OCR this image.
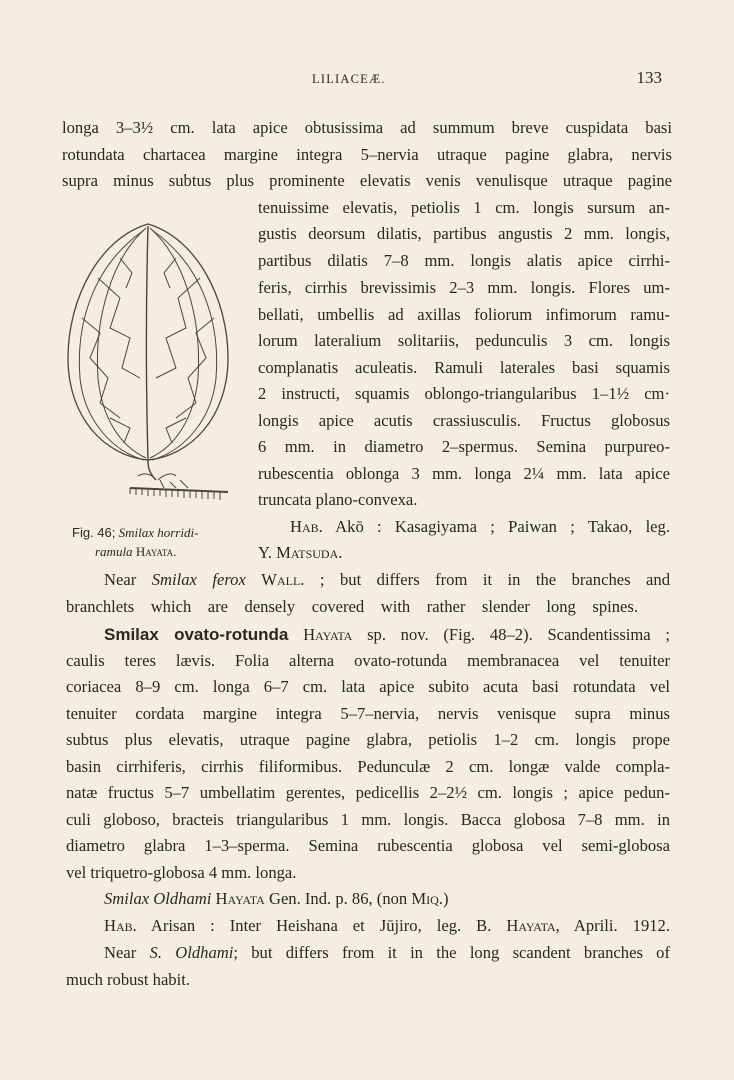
LILIACEÆ.	133
longa 3–3½ cm. lata apice obtusissima ad summum breve cuspidata basi
rotundata chartacea margine integra 5–nervia utraque pagine glabra, nervis
supra minus subtus plus prominente elevatis venis venulisque utraque pagine
tenuissime elevatis, petiolis 1 cm. longis sursum an-
gustis deorsum dilatis, partibus angustis 2 mm. longis,
partibus dilatis 7–8 mm. longis alatis apice cirrhi-
feris, cirrhis brevissimis 2–3 mm. longis. Flores um-
bellati, umbellis ad axillas foliorum infimorum ramu-
lorum lateralium solitariis, pedunculis 3 cm. longis
complanatis aculeatis. Ramuli laterales basi squamis
2 instructi, squamis oblongo-triangularibus 1–1½ cm·
longis apice acutis crassiusculis. Fructus globosus
6 mm. in diametro 2–spermus. Semina purpureo-
rubescentia oblonga 3 mm. longa 2¼ mm. lata apice
truncata plano-convexa.
Hab. Akō : Kasagiyama ; Paiwan ; Takao, leg.
Y. Matsuda.
Near Smilax ferox Wall. ; but differs from it in the branches and
branchlets which are densely covered with rather slender long spines.
Smilax ovato-rotunda Hayata sp. nov. (Fig. 48–2). Scandentissima ;
caulis teres lævis. Folia alterna ovato-rotunda membranacea vel tenuiter
coriacea 8–9 cm. longa 6–7 cm. lata apice subito acuta basi rotundata vel
tenuiter cordata margine integra 5–7–nervia, nervis venisque supra minus
subtus plus elevatis, utraque pagine glabra, petiolis 1–2 cm. longis prope
basin cirrhiferis, cirrhis filiformibus. Pedunculæ 2 cm. longæ valde compla-
natæ fructus 5–7 umbellatim gerentes, pedicellis 2–2½ cm. longis ; apice pedun-
culi globoso, bracteis triangularibus 1 mm. longis. Bacca globosa 7–8 mm. in
diametro glabra 1–3–sperma. Semina rubescentia globosa vel semi-globosa
vel triquetro-globosa 4 mm. longa.
Smilax Oldhami Hayata Gen. Ind. p. 86, (non Miq.)
Hab. Arisan : Inter Heishana et Jūjiro, leg. B. Hayata, Aprili. 1912.
Near S. Oldhami; but differs from it in the long scandent branches of
much robust habit.
Fig. 46; Smilax horridi-
ramula Hayata.
